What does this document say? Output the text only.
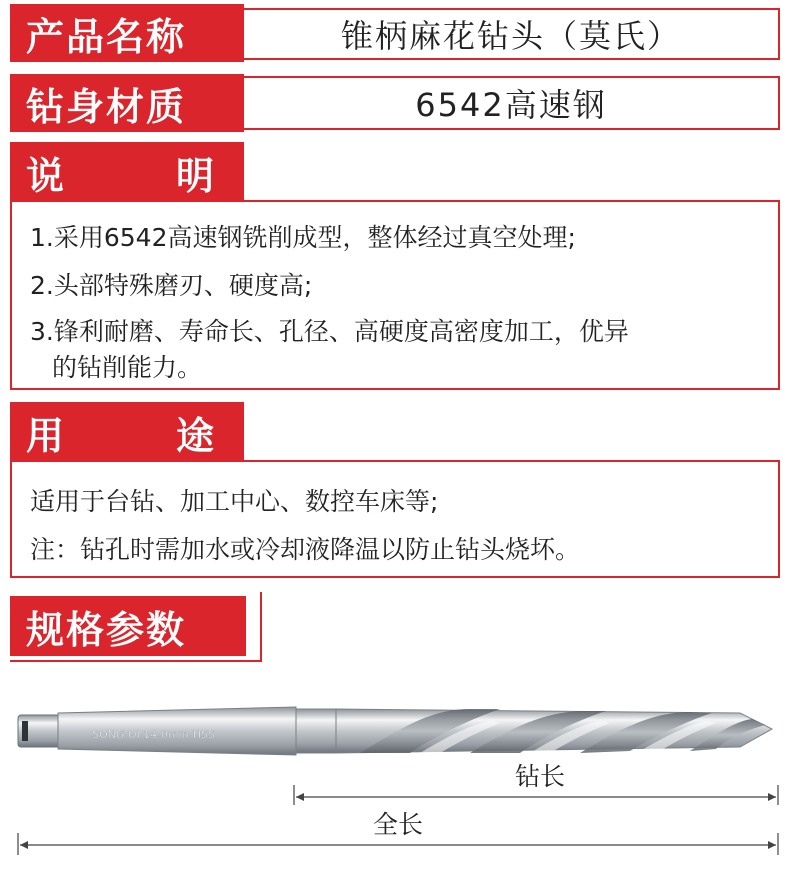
锥柄麻花钻头（莫氏）
产品名称
6542高速钢
钻身材质
1.采用6542高速钢铣削成型，整体经过真空处理;
2.头部特殊磨刃、硬度高;
3.锋利耐磨、寿命长、孔径、高硬度高密度加工，优异
的钻削能力。
说	明
适用于台钻、加工中心、数控车床等;
注：钻孔时需加水或冷却液降温以防止钻头烧坏。
用	途
规格参数
SONG OI 14.0mm HSS
钻长
全长
